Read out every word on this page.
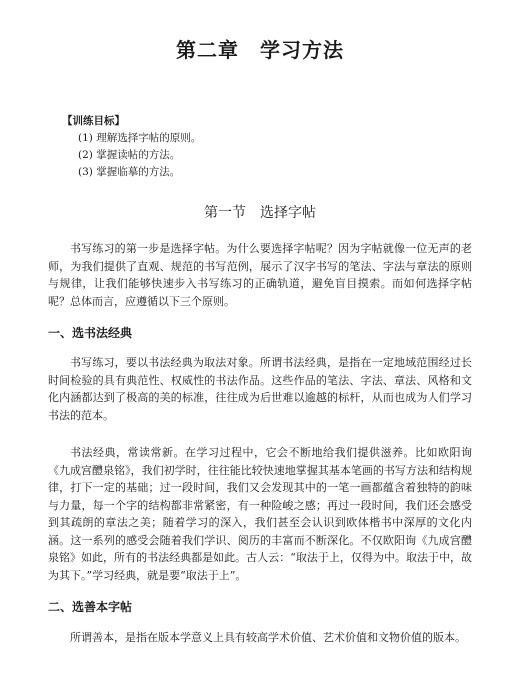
第二章　学习方法
【训练目标】
(1) 理解选择字帖的原则。
(2) 掌握读帖的方法。
(3) 掌握临摹的方法。
第一节　选择字帖

书写练习的第一步是选择字帖。为什么要选择字帖呢？因为字帖就像一位无声的老师，为我们提供了直观、规范的书写范例，展示了汉字书写的笔法、字法与章法的原则与规律，让我们能够快速步入书写练习的正确轨道，避免盲目摸索。而如何选择字帖呢？总体而言，应遵循以下三个原则。

一、选书法经典

书写练习，要以书法经典为取法对象。所谓书法经典，是指在一定地域范围经过长时间检验的具有典范性、权威性的书法作品。这些作品的笔法、字法、章法、风格和文化内涵都达到了极高的美的标准，往往成为后世难以逾越的标杆，从而也成为人们学习书法的范本。

书法经典，常读常新。在学习过程中，它会不断地给我们提供滋养。比如欧阳询《九成宫醴泉铭》，我们初学时，往往能比较快速地掌握其基本笔画的书写方法和结构规律，打下一定的基础；过一段时间，我们又会发现其中的一笔一画都蕴含着独特的韵味与力量，每一个字的结构都非常紧密，有一种险峻之感；再过一段时间，我们还会感受到其疏朗的章法之美；随着学习的深入，我们甚至会认识到欧体楷书中深厚的文化内涵。这一系列的感受会随着我们学识、阅历的丰富而不断深化。不仅欧阳询《九成宫醴泉铭》如此，所有的书法经典都是如此。古人云：“取法于上，仅得为中。取法于中，故为其下。”学习经典，就是要“取法于上”。

二、选善本字帖

所谓善本，是指在版本学意义上具有较高学术价值、艺术价值和文物价值的版本。
